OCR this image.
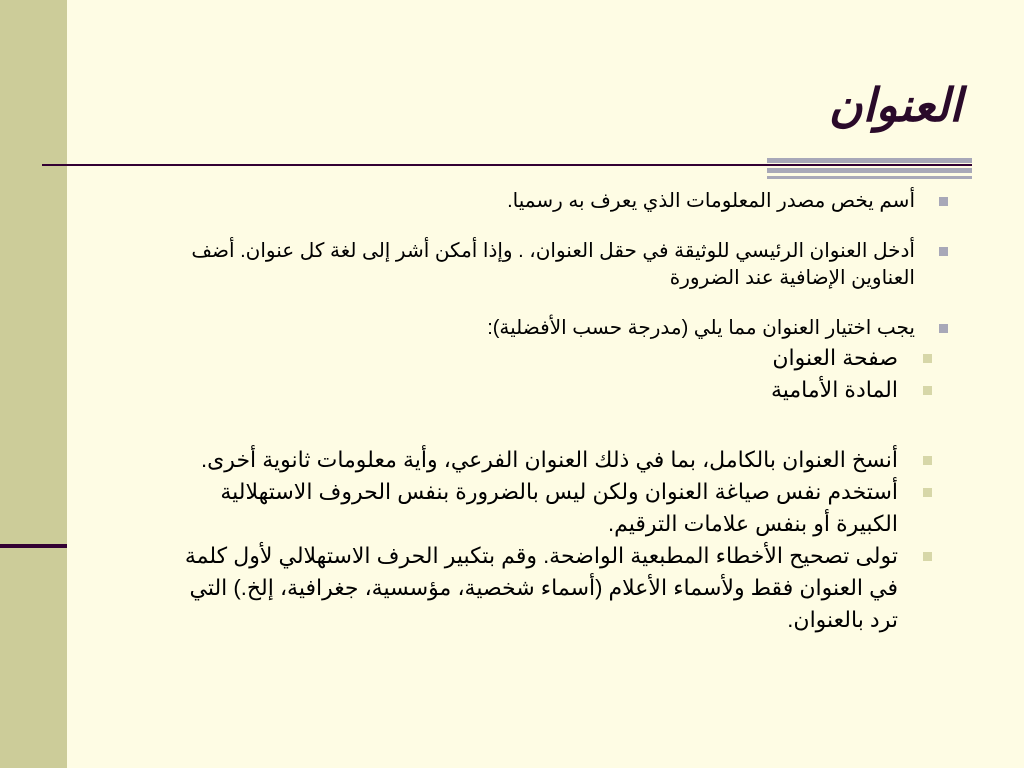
العنوان
أسم يخص مصدر المعلومات الذي يعرف به رسميا.
أدخل العنوان الرئيسي للوثيقة في حقل العنوان، . وإذا أمكن أشر إلى لغة كل عنوان. أضف العناوين الإضافية عند الضرورة
يجب اختيار العنوان مما يلي (مدرجة حسب الأفضلية):
صفحة العنوان
المادة الأمامية
أنسخ العنوان بالكامل، بما في ذلك العنوان الفرعي، وأية معلومات ثانوية أخرى.
أستخدم نفس صياغة العنوان ولكن ليس بالضرورة بنفس الحروف الاستهلالية الكبيرة أو بنفس علامات الترقيم.
تولى تصحيح الأخطاء المطبعية الواضحة. وقم بتكبير الحرف الاستهلالي لأول كلمة في العنوان فقط ولأسماء الأعلام (أسماء شخصية، مؤسسية، جغرافية، إلخ.) التي ترد بالعنوان.
